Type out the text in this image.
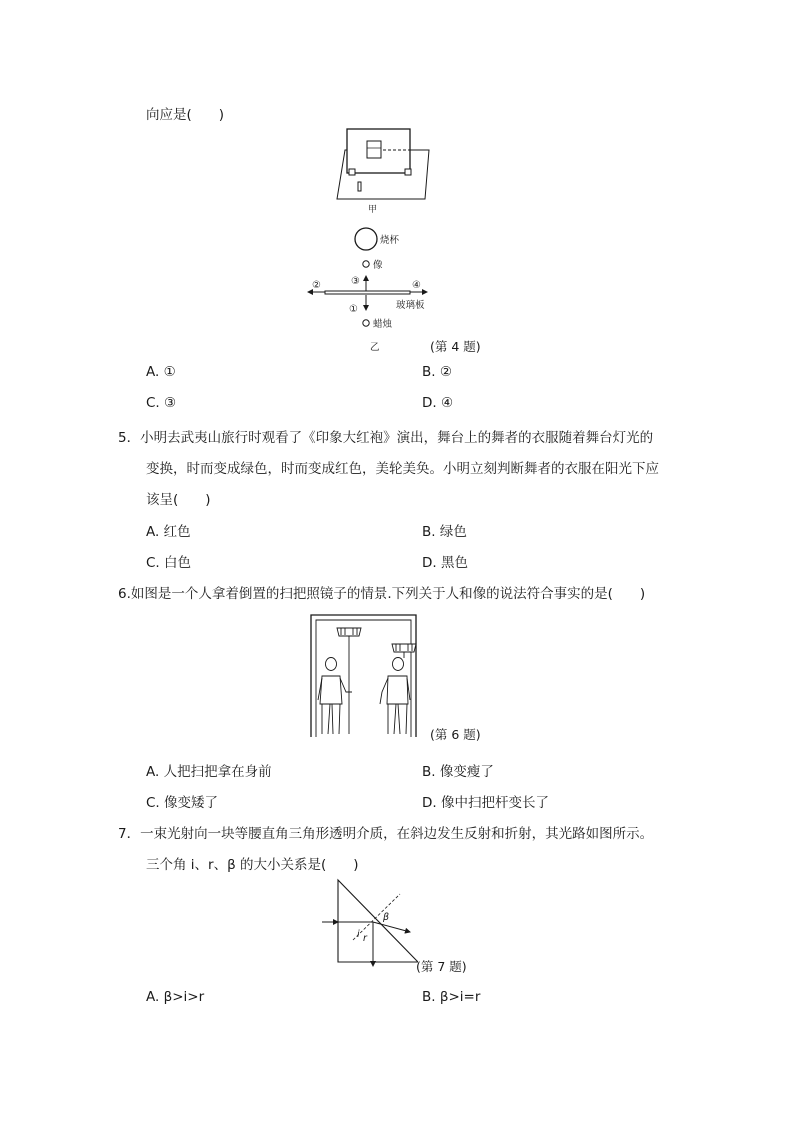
向应是(　　)
甲
烧杯
像
③
②	④
①	玻璃板
蜡烛
乙	(第 4 题)
A. ①	B. ②
C. ③	D. ④
5．小明去武夷山旅行时观看了《印象大红袍》演出，舞台上的舞者的衣服随着舞台灯光的
变换，时而变成绿色，时而变成红色，美轮美奂。小明立刻判断舞者的衣服在阳光下应
该呈(　　)
A. 红色	B. 绿色
C. 白色	D. 黑色
6.如图是一个人拿着倒置的扫把照镜子的情景.下列关于人和像的说法符合事实的是(　　)
(第 6 题)
A. 人把扫把拿在身前	B. 像变瘦了
C. 像变矮了	D. 像中扫把杆变长了
7．一束光射向一块等腰直角三角形透明介质，在斜边发生反射和折射，其光路如图所示。
三个角 i、r、β 的大小关系是(　　)
i r
β
(第 7 题)
A. β>i>r	B. β>i=r
